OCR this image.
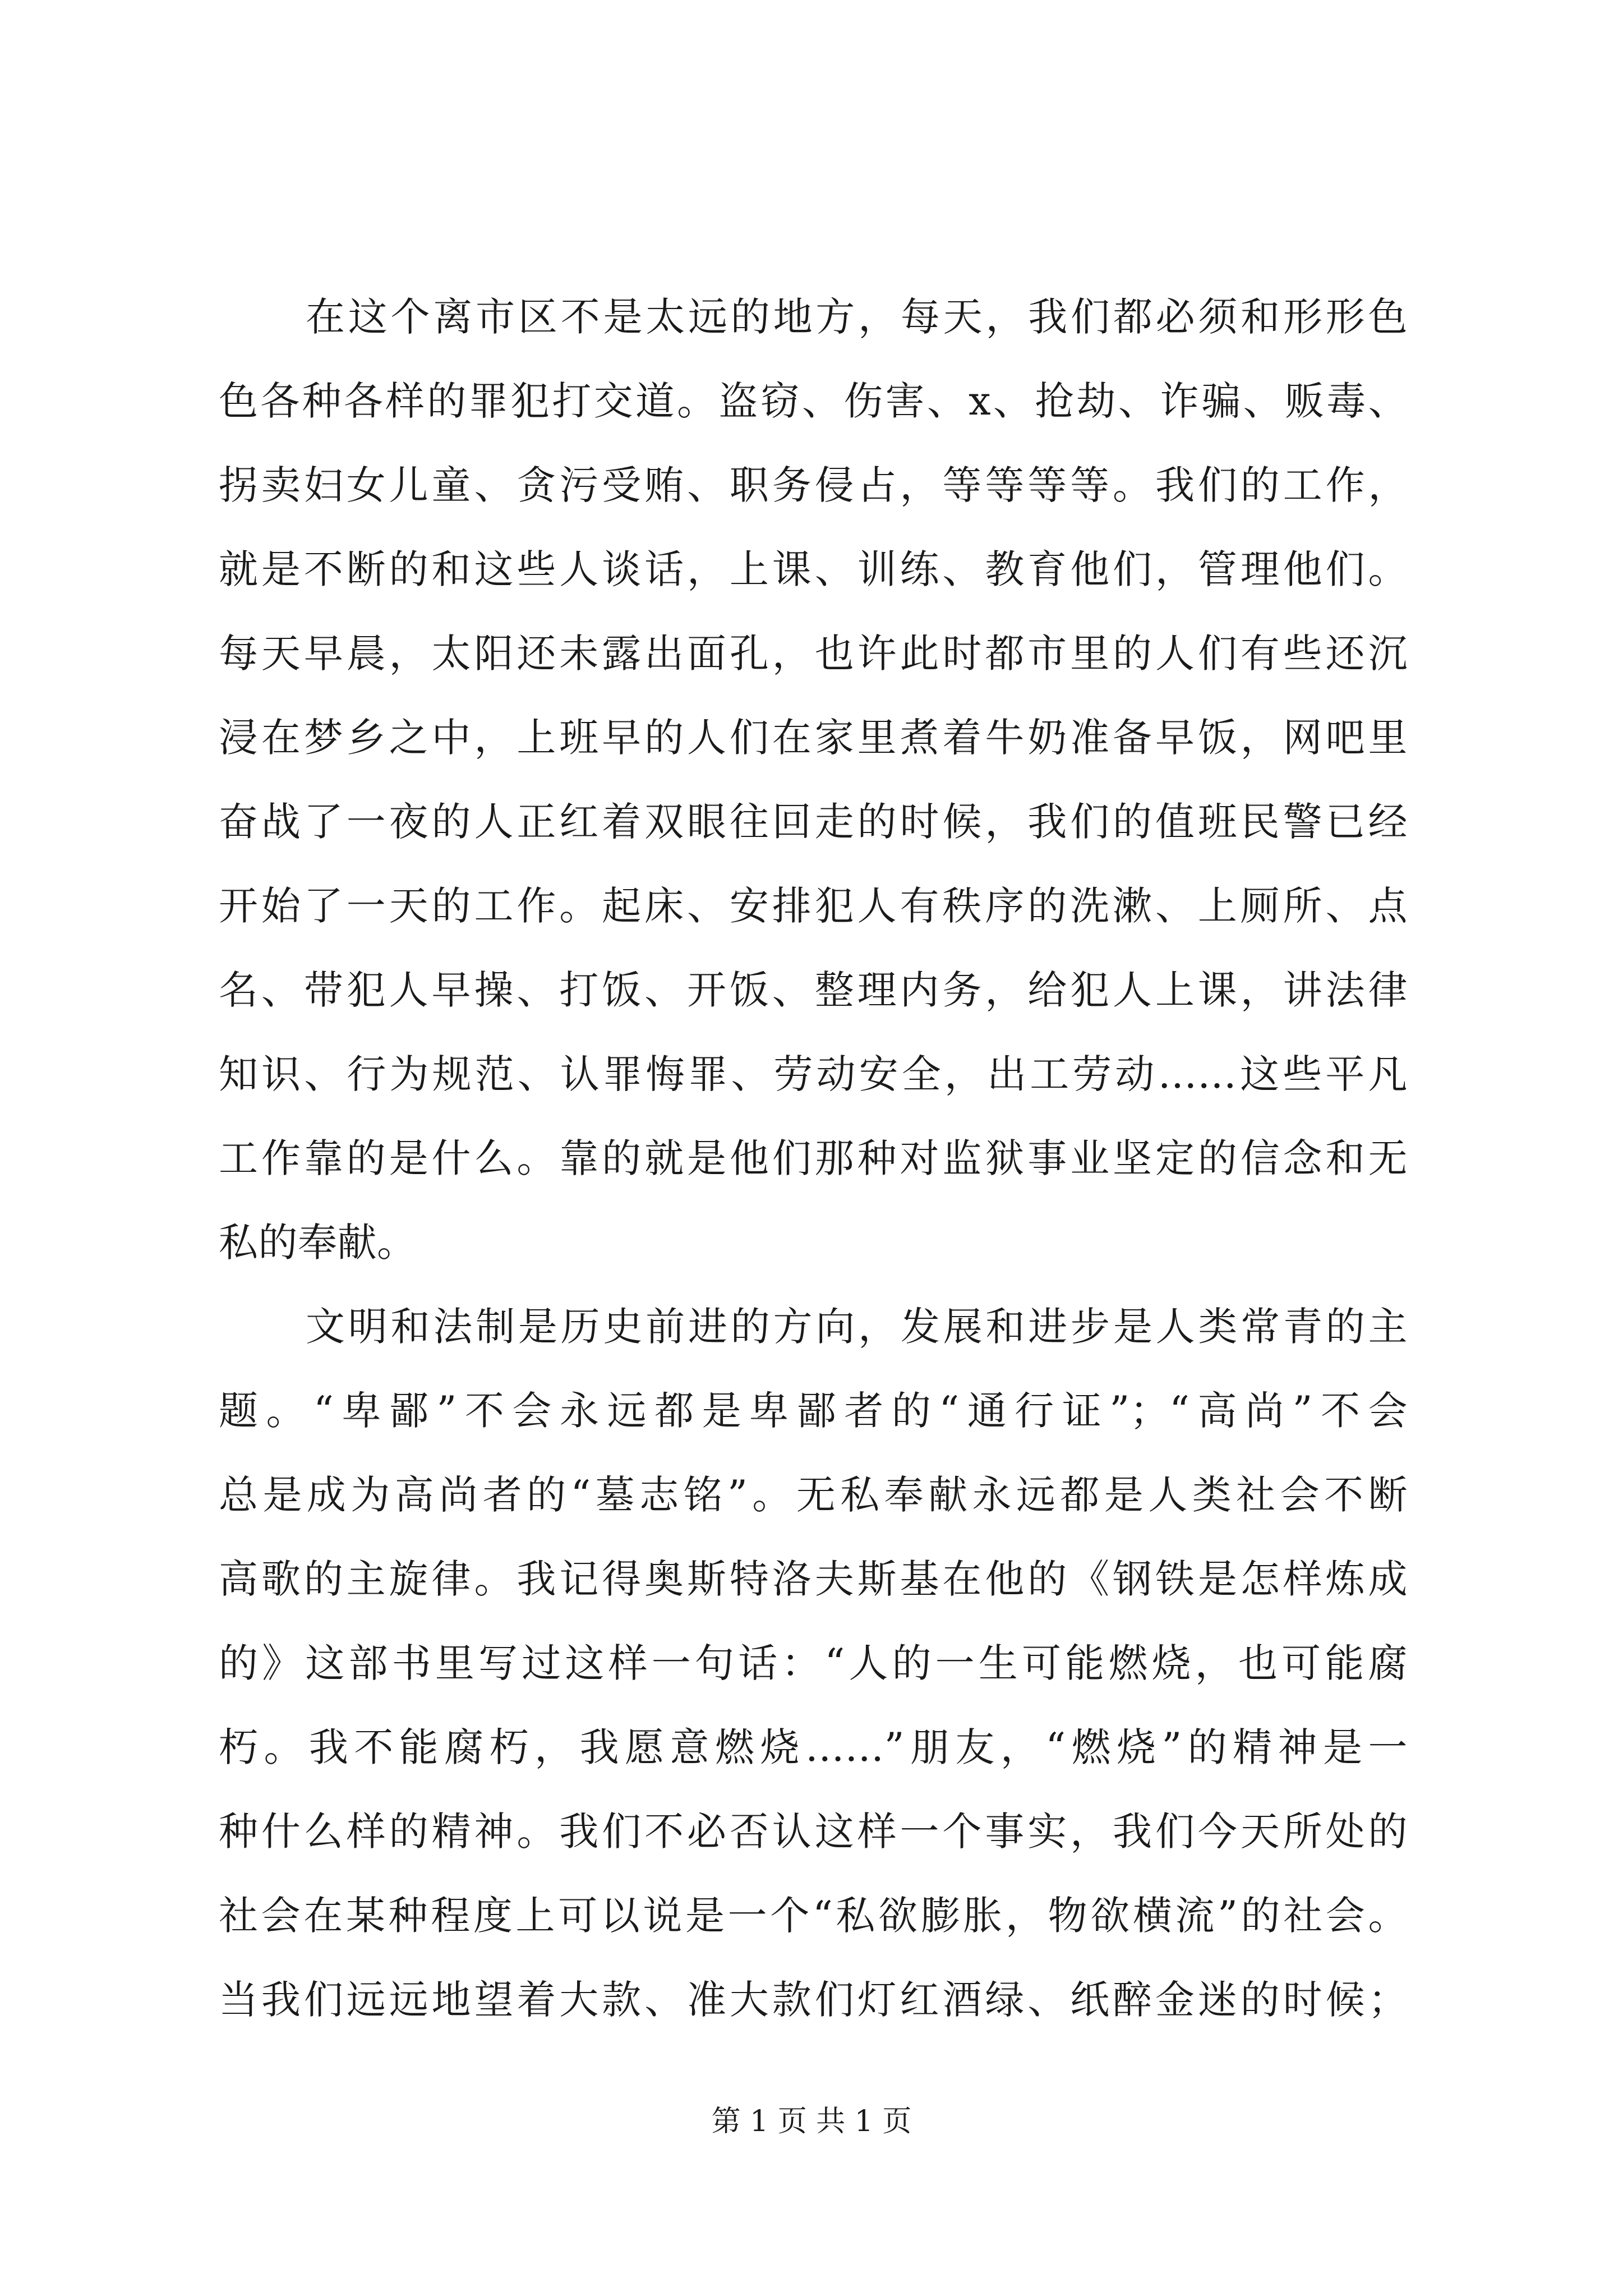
在这个离市区不是太远的地方，每天，我们都必须和形形色
色各种各样的罪犯打交道。盗窃、伤害、x、抢劫、诈骗、贩毒、
拐卖妇女儿童、贪污受贿、职务侵占，等等等等。我们的工作，
就是不断的和这些人谈话，上课、训练、教育他们，管理他们。
每天早晨，太阳还未露出面孔，也许此时都市里的人们有些还沉
浸在梦乡之中，上班早的人们在家里煮着牛奶准备早饭，网吧里
奋战了一夜的人正红着双眼往回走的时候，我们的值班民警已经
开始了一天的工作。起床、安排犯人有秩序的洗漱、上厕所、点
名、带犯人早操、打饭、开饭、整理内务，给犯人上课，讲法律
知识、行为规范、认罪悔罪、劳动安全，出工劳动……这些平凡
工作靠的是什么。靠的就是他们那种对监狱事业坚定的信念和无
私的奉献。
文明和法制是历史前进的方向，发展和进步是人类常青的主
题。“卑鄙”不会永远都是卑鄙者的“通行证”；“高尚”不会
总是成为高尚者的“墓志铭”。无私奉献永远都是人类社会不断
高歌的主旋律。我记得奥斯特洛夫斯基在他的《钢铁是怎样炼成
的》这部书里写过这样一句话：“人的一生可能燃烧，也可能腐
朽。我不能腐朽，我愿意燃烧……”朋友，“燃烧”的精神是一
种什么样的精神。我们不必否认这样一个事实，我们今天所处的
社会在某种程度上可以说是一个“私欲膨胀，物欲横流”的社会。
当我们远远地望着大款、准大款们灯红酒绿、纸醉金迷的时候；
第 1 页 共 1 页
